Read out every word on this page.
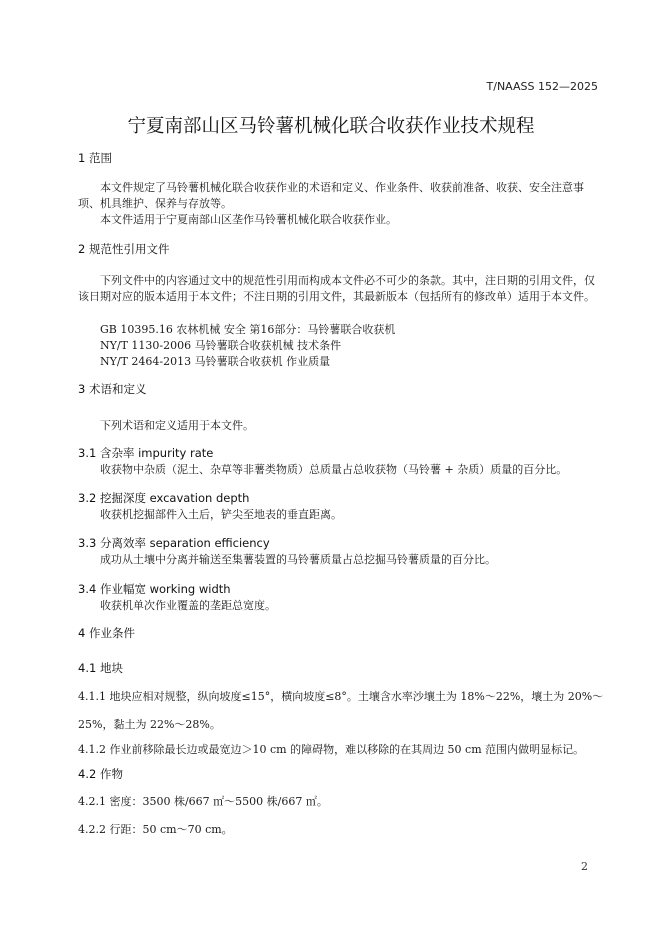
T/NAASS 152—2025
宁夏南部山区马铃薯机械化联合收获作业技术规程
1 范围
本文件规定了马铃薯机械化联合收获作业的术语和定义、作业条件、收获前准备、收获、安全注意事项、机具维护、保养与存放等。
本文件适用于宁夏南部山区垄作马铃薯机械化联合收获作业。
2 规范性引用文件
下列文件中的内容通过文中的规范性引用而构成本文件必不可少的条款。其中，注日期的引用文件，仅该日期对应的版本适用于本文件；不注日期的引用文件，其最新版本（包括所有的修改单）适用于本文件。
GB 10395.16 农林机械 安全 第16部分：马铃薯联合收获机
NY/T 1130-2006 马铃薯联合收获机械 技术条件
NY/T 2464-2013 马铃薯联合收获机 作业质量
3 术语和定义
下列术语和定义适用于本文件。
3.1 含杂率 impurity rate
收获物中杂质（泥土、杂草等非薯类物质）总质量占总收获物（马铃薯 + 杂质）质量的百分比。
3.2 挖掘深度 excavation depth
收获机挖掘部件入土后，铲尖至地表的垂直距离。
3.3 分离效率 separation efficiency
成功从土壤中分离并输送至集薯装置的马铃薯质量占总挖掘马铃薯质量的百分比。
3.4 作业幅宽 working width
收获机单次作业覆盖的垄距总宽度。
4 作业条件
4.1 地块
4.1.1 地块应相对规整，纵向坡度≤15°，横向坡度≤8°。土壤含水率沙壤土为 18%～22%，壤土为 20%～
25%，黏土为 22%～28%。
4.1.2 作业前移除最长边或最宽边＞10 cm 的障碍物，难以移除的在其周边 50 cm 范围内做明显标记。
4.2 作物
4.2.1 密度：3500 株/667 ㎡～5500 株/667 ㎡。
4.2.2 行距：50 cm～70 cm。
2
